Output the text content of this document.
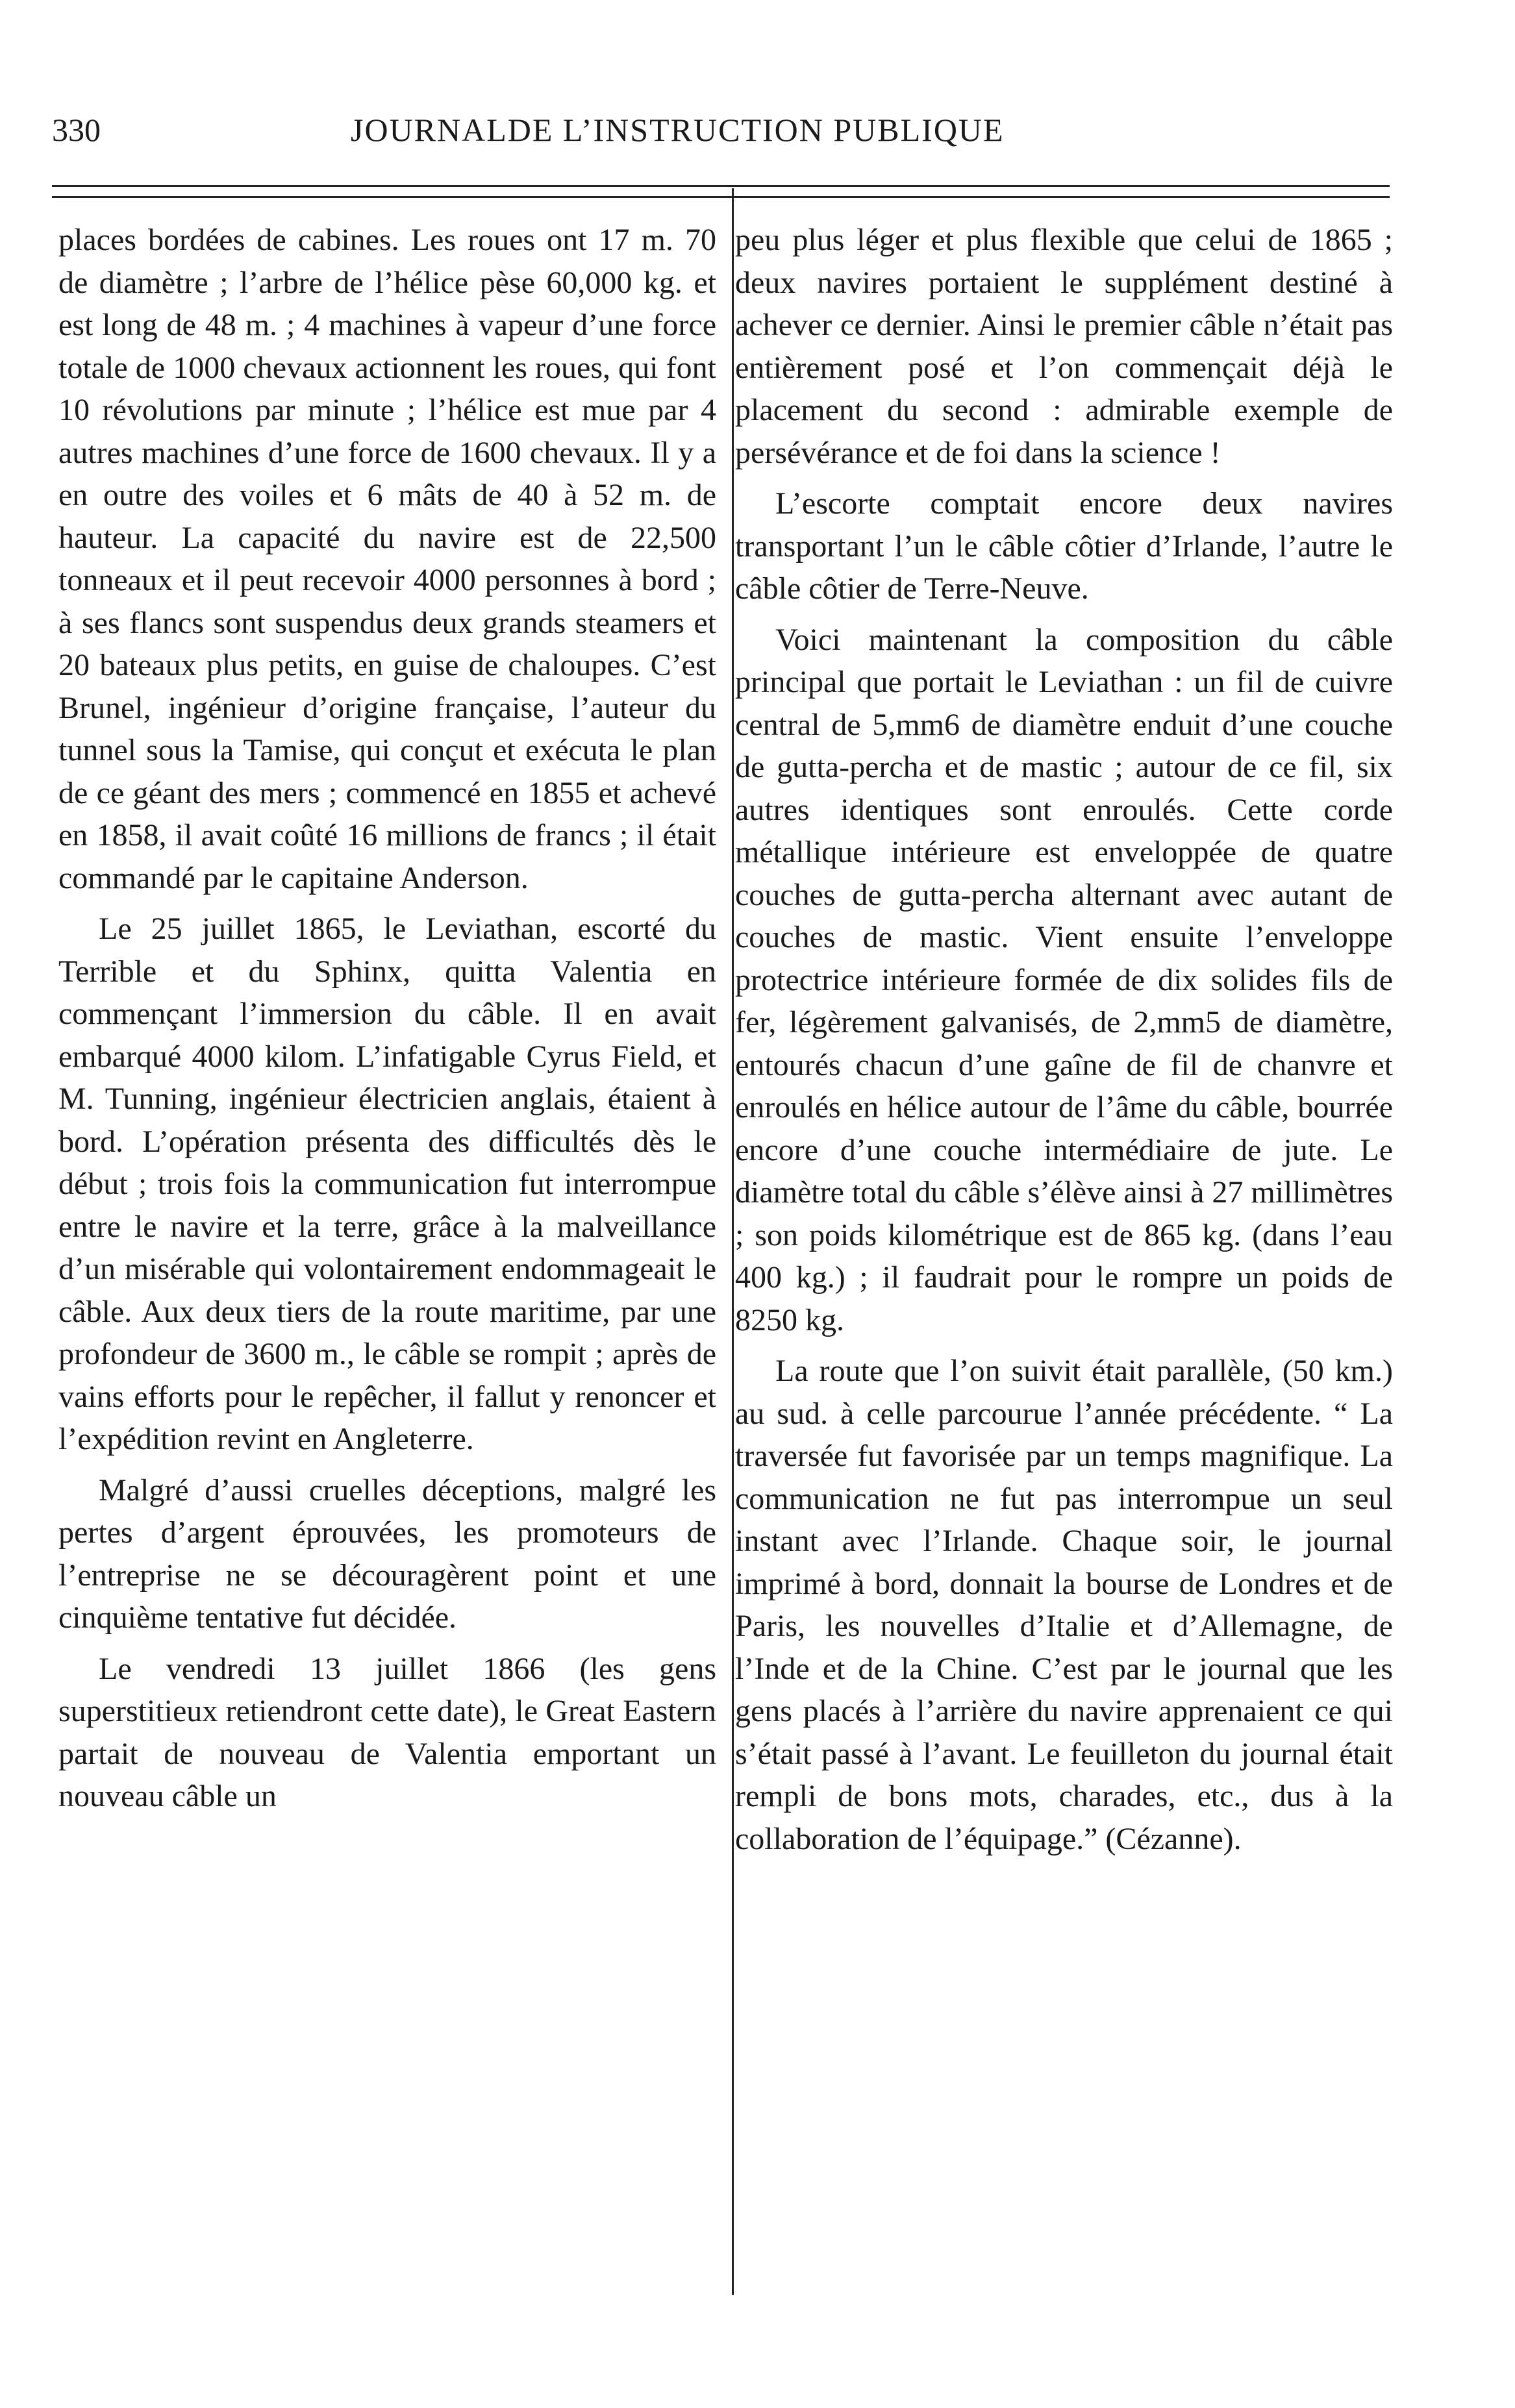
330	JOURNALDE L’INSTRUCTION PUBLIQUE

places bordées de cabines. Les roues ont 17 m. 70 de diamètre ; l’arbre de l’hélice pèse 60,000 kg. et est long de 48 m. ; 4 machines à vapeur d’une force totale de 1000 chevaux actionnent les roues, qui font 10 révolutions par minute ; l’hélice est mue par 4 autres machines d’une force de 1600 chevaux. Il y a en outre des voiles et 6 mâts de 40 à 52 m. de hauteur. La capacité du navire est de 22,500 tonneaux et il peut recevoir 4000 personnes à bord ; à ses flancs sont suspendus deux grands steamers et 20 bateaux plus petits, en guise de chaloupes. C’est Brunel, ingénieur d’origine française, l’auteur du tunnel sous la Tamise, qui conçut et exécuta le plan de ce géant des mers ; commencé en 1855 et achevé en 1858, il avait coûté 16 millions de francs ; il était commandé par le capitaine Anderson.

Le 25 juillet 1865, le Leviathan, escorté du Terrible et du Sphinx, quitta Valentia en commençant l’immersion du câble. Il en avait embarqué 4000 kilom. L’infatigable Cyrus Field, et M. Tunning, ingénieur électricien anglais, étaient à bord. L’opération présenta des difficultés dès le début ; trois fois la communication fut interrompue entre le navire et la terre, grâce à la malveillance d’un misérable qui volontairement endommageait le câble. Aux deux tiers de la route maritime, par une profondeur de 3600 m., le câble se rompit ; après de vains efforts pour le repêcher, il fallut y renoncer et l’expédition revint en Angleterre.

Malgré d’aussi cruelles déceptions, malgré les pertes d’argent éprouvées, les promoteurs de l’entreprise ne se découragèrent point et une cinquième tentative fut décidée.

Le vendredi 13 juillet 1866 (les gens superstitieux retiendront cette date), le Great Eastern partait de nouveau de Valentia emportant un nouveau câble un

peu plus léger et plus flexible que celui de 1865 ; deux navires portaient le supplément destiné à achever ce dernier. Ainsi le premier câble n’était pas entièrement posé et l’on commençait déjà le placement du second : admirable exemple de persévérance et de foi dans la science !

L’escorte comptait encore deux navires transportant l’un le câble côtier d’Irlande, l’autre le câble côtier de Terre-Neuve.

Voici maintenant la composition du câble principal que portait le Leviathan : un fil de cuivre central de 5,mm6 de diamètre enduit d’une couche de gutta-percha et de mastic ; autour de ce fil, six autres identiques sont enroulés. Cette corde métallique intérieure est enveloppée de quatre couches de gutta-percha alternant avec autant de couches de mastic. Vient ensuite l’enveloppe protectrice intérieure formée de dix solides fils de fer, légèrement galvanisés, de 2,mm5 de diamètre, entourés chacun d’une gaîne de fil de chanvre et enroulés en hélice autour de l’âme du câble, bourrée encore d’une couche intermédiaire de jute. Le diamètre total du câble s’élève ainsi à 27 millimètres ; son poids kilométrique est de 865 kg. (dans l’eau 400 kg.) ; il faudrait pour le rompre un poids de 8250 kg.

La route que l’on suivit était parallèle, (50 km.) au sud. à celle parcourue l’année précédente. “ La traversée fut favorisée par un temps magnifique. La communication ne fut pas interrompue un seul instant avec l’Irlande. Chaque soir, le journal imprimé à bord, donnait la bourse de Londres et de Paris, les nouvelles d’Italie et d’Allemagne, de l’Inde et de la Chine. C’est par le journal que les gens placés à l’arrière du navire apprenaient ce qui s’était passé à l’avant. Le feuilleton du journal était rempli de bons mots, charades, etc., dus à la collaboration de l’équipage.” (Cézanne).
